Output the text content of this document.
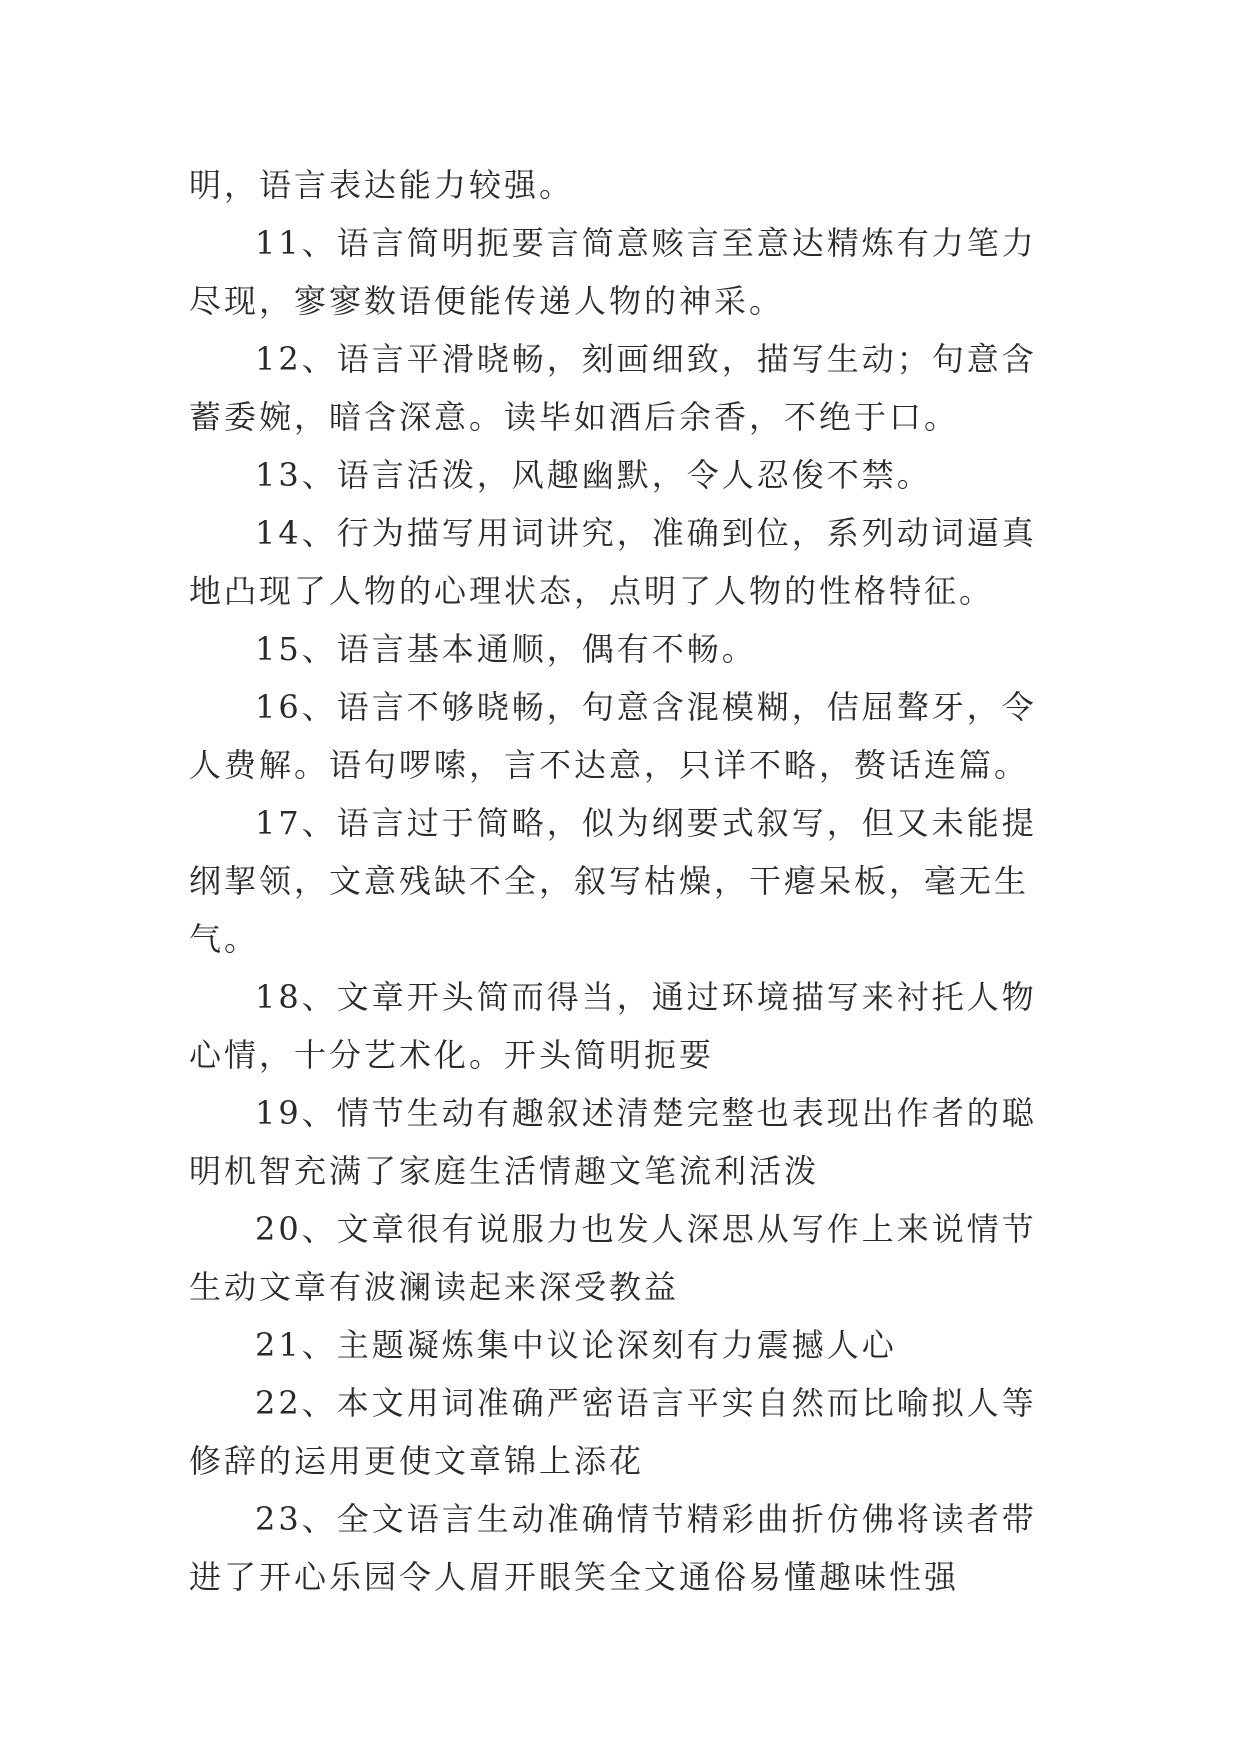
明，语言表达能力较强。

11、语言简明扼要言简意赅言至意达精炼有力笔力尽现，寥寥数语便能传递人物的神采。

12、语言平滑晓畅，刻画细致，描写生动；句意含蓄委婉，暗含深意。读毕如酒后余香，不绝于口。

13、语言活泼，风趣幽默，令人忍俊不禁。

14、行为描写用词讲究，准确到位，系列动词逼真地凸现了人物的心理状态，点明了人物的性格特征。

15、语言基本通顺，偶有不畅。

16、语言不够晓畅，句意含混模糊，佶屈聱牙，令人费解。语句啰嗦，言不达意，只详不略，赘话连篇。

17、语言过于简略，似为纲要式叙写，但又未能提纲挈领，文意残缺不全，叙写枯燥，干瘪呆板，毫无生气。

18、文章开头简而得当，通过环境描写来衬托人物心情，十分艺术化。开头简明扼要

19、情节生动有趣叙述清楚完整也表现出作者的聪明机智充满了家庭生活情趣文笔流利活泼

20、文章很有说服力也发人深思从写作上来说情节生动文章有波澜读起来深受教益

21、主题凝炼集中议论深刻有力震撼人心

22、本文用词准确严密语言平实自然而比喻拟人等修辞的运用更使文章锦上添花

23、全文语言生动准确情节精彩曲折仿佛将读者带进了开心乐园令人眉开眼笑全文通俗易懂趣味性强
